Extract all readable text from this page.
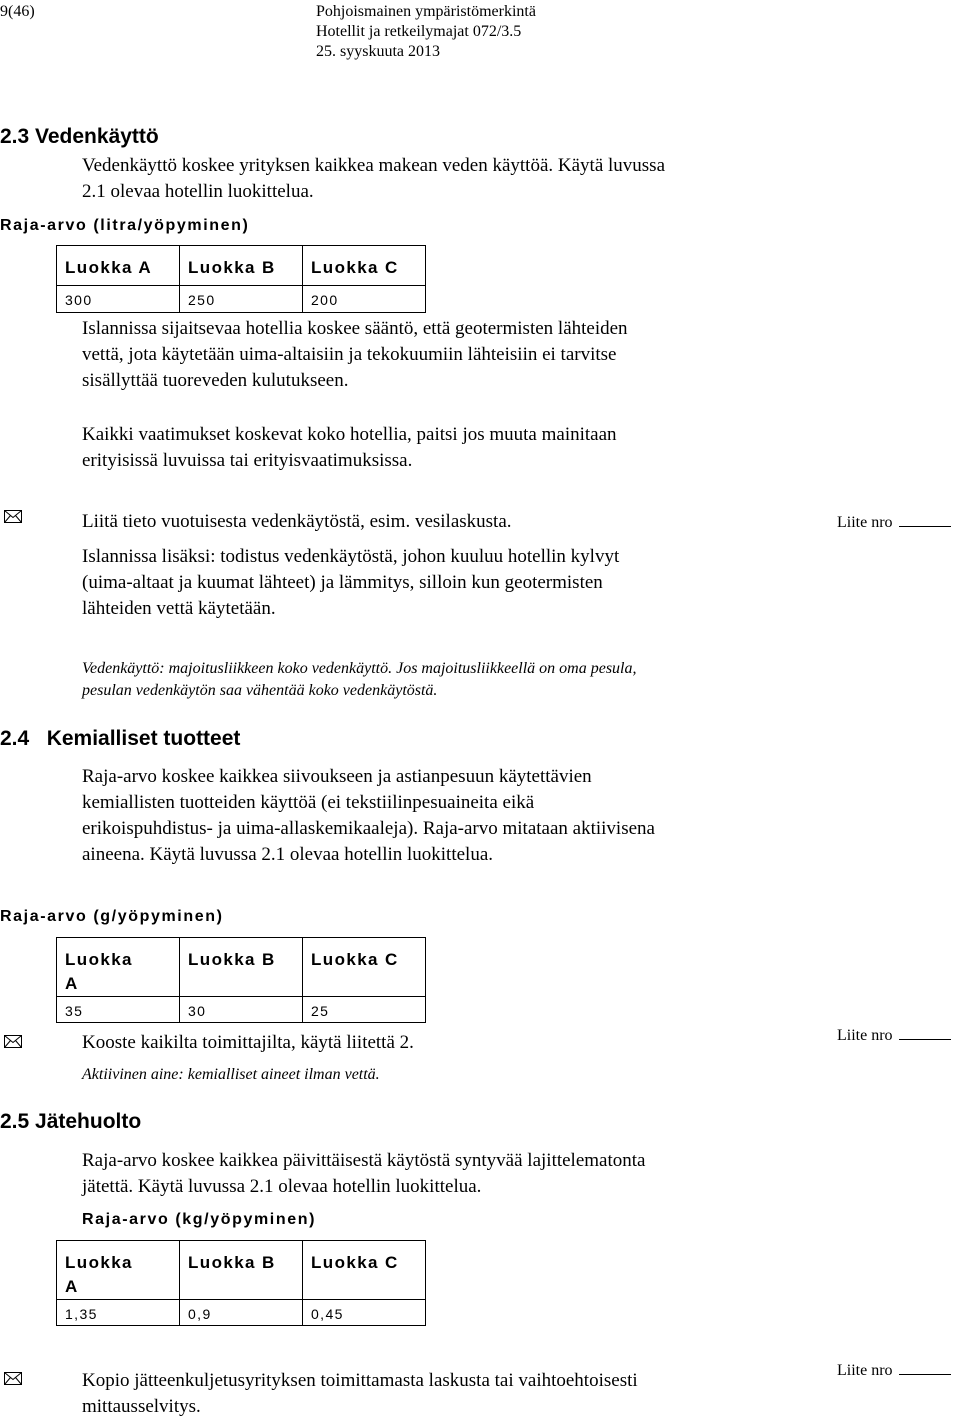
9(46)	Pohjoismainen ympäristömerkintä
Hotellit ja retkeilymajat 072/3.5
25. syyskuuta 2013
2.3 Vedenkäyttö
Vedenkäyttö koskee yrityksen kaikkea makean veden käyttöä. Käytä luvussa
2.1 olevaa hotellin luokittelua.
Raja-arvo (litra/yöpyminen)
Luokka A	Luokka B	Luokka C
300	250	200
Islannissa sijaitsevaa hotellia koskee sääntö, että geotermisten lähteiden
vettä, jota käytetään uima-altaisiin ja tekokuumiin lähteisiin ei tarvitse
sisällyttää tuoreveden kulutukseen.
Kaikki vaatimukset koskevat koko hotellia, paitsi jos muuta mainitaan
erityisissä luvuissa tai erityisvaatimuksissa.
Liitä tieto vuotuisesta vedenkäytöstä, esim. vesilaskusta.	Liite nro
Islannissa lisäksi: todistus vedenkäytöstä, johon kuuluu hotellin kylvyt
(uima-altaat ja kuumat lähteet) ja lämmitys, silloin kun geotermisten
lähteiden vettä käytetään.
Vedenkäyttö: majoitusliikkeen koko vedenkäyttö. Jos majoitusliikkeellä on oma pesula,
pesulan vedenkäytön saa vähentää koko vedenkäytöstä.
2.4   Kemialliset tuotteet
Raja-arvo koskee kaikkea siivoukseen ja astianpesuun käytettävien
kemiallisten tuotteiden käyttöä (ei tekstiilinpesuaineita eikä
erikoispuhdistus- ja uima-allaskemikaaleja). Raja-arvo mitataan aktiivisena
aineena. Käytä luvussa 2.1 olevaa hotellin luokittelua.
Raja-arvo (g/yöpyminen)
Luokka
A	Luokka B	Luokka C
35	30	25
Kooste kaikilta toimittajilta, käytä liitettä 2.	Liite nro
Aktiivinen aine: kemialliset aineet ilman vettä.
2.5 Jätehuolto
Raja-arvo koskee kaikkea päivittäisestä käytöstä syntyvää lajittelematonta
jätettä. Käytä luvussa 2.1 olevaa hotellin luokittelua.
Raja-arvo (kg/yöpyminen)
Luokka
A	Luokka B	Luokka C
1,35	0,9	0,45
Kopio jätteenkuljetusyrityksen toimittamasta laskusta tai vaihtoehtoisesti
mittausselvitys.
Liite nro
